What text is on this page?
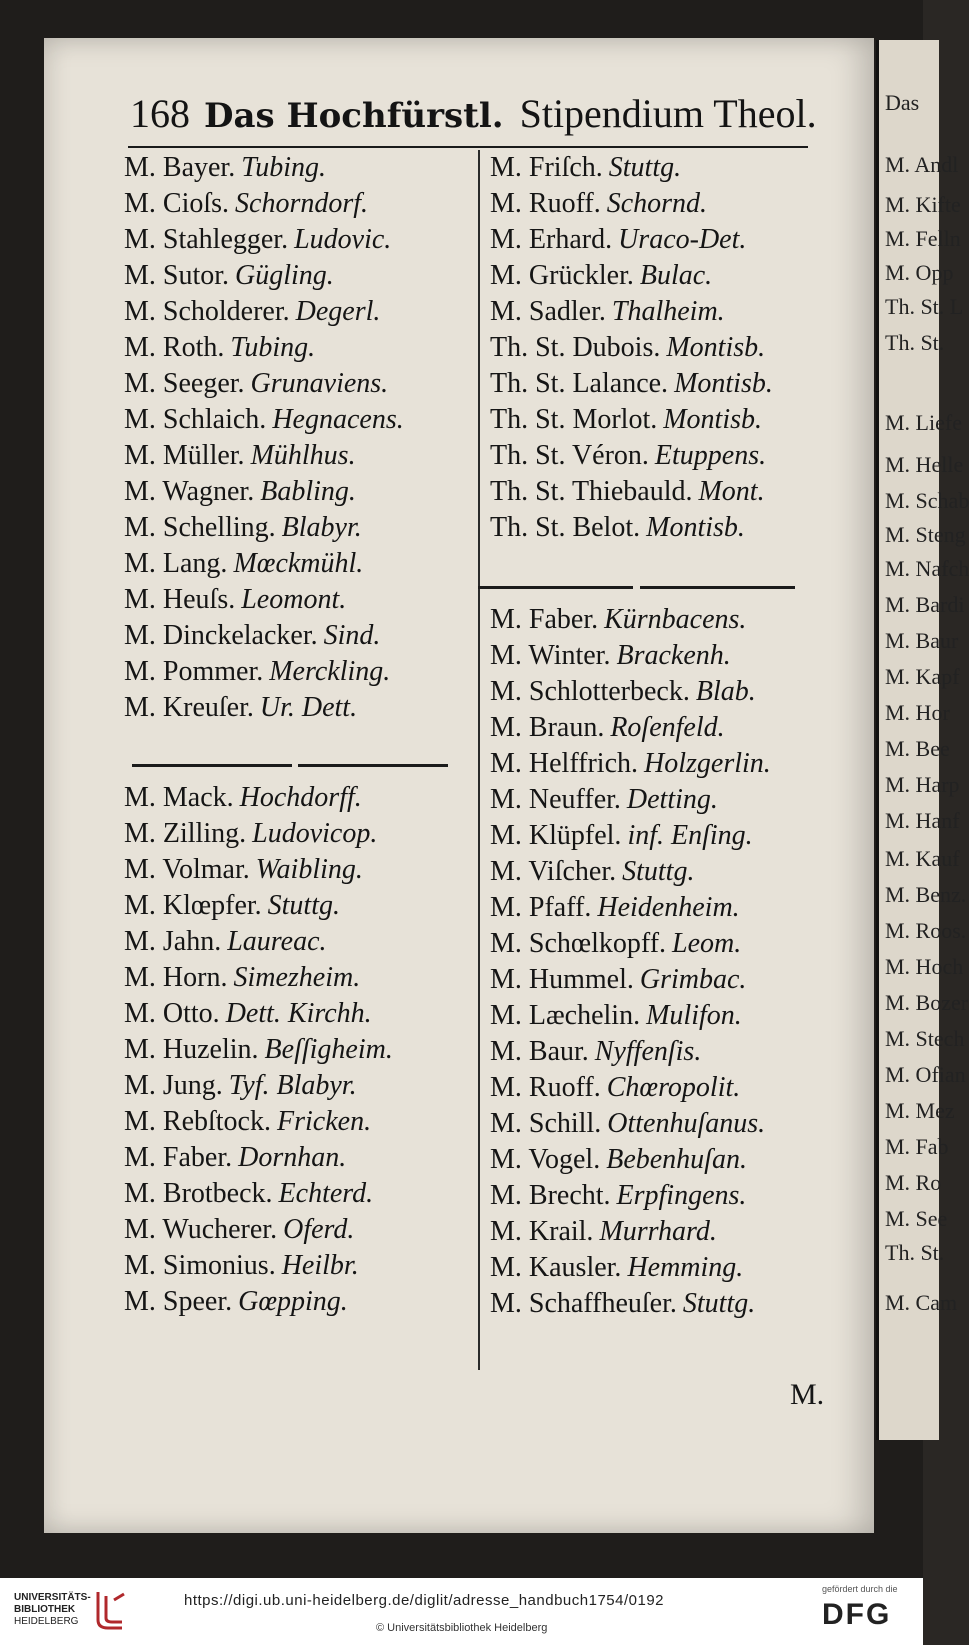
Das
M. Andl
M. Kifte
M. Felln
M. Opp
Th. St. L
Th. St.
M. Liefe
M. Helle
M. Schab
M. Steng
M. Nafch
M. Bardi
M. Baur
M. Kapf
M. Hor
M. Bee
M. Harp
M. Hanf
M. Kauf
M. Benz.
M. Roos.
M. Hoch
M. Bozer
M. Stech
M. Ofian
M. Mez
M. Fab
M. Ro
M. See
Th. St.
M. Cam
168 Das Hochfürstl. Stipendium Theol.
M. Bayer. Tubing.
M. Cioſs. Schorndorf.
M. Stahlegger. Ludovic.
M. Sutor. Gügling.
M. Scholderer. Degerl.
M. Roth. Tubing.
M. Seeger. Grunaviens.
M. Schlaich. Hegnacens.
M. Müller. Mühlhus.
M. Wagner. Babling.
M. Schelling. Blabyr.
M. Lang. Mœckmühl.
M. Heuſs. Leomont.
M. Dinckelacker. Sind.
M. Pommer. Merckling.
M. Kreuſer. Ur. Dett.
M. Mack. Hochdorff.
M. Zilling. Ludovicop.
M. Volmar. Waibling.
M. Klœpfer. Stuttg.
M. Jahn. Laureac.
M. Horn. Simezheim.
M. Otto. Dett. Kirchh.
M. Huzelin. Beſſigheim.
M. Jung. Tyf. Blabyr.
M. Rebſtock. Fricken.
M. Faber. Dornhan.
M. Brotbeck. Echterd.
M. Wucherer. Oferd.
M. Simonius. Heilbr.
M. Speer. Gœpping.
M. Friſch. Stuttg.
M. Ruoff. Schornd.
M. Erhard. Uraco-Det.
M. Grückler. Bulac.
M. Sadler. Thalheim.
Th. St. Dubois. Montisb.
Th. St. Lalance. Montisb.
Th. St. Morlot. Montisb.
Th. St. Véron. Etuppens.
Th. St. Thiebauld. Mont.
Th. St. Belot. Montisb.
M. Faber. Kürnbacens.
M. Winter. Brackenh.
M. Schlotterbeck. Blab.
M. Braun. Roſenfeld.
M. Helffrich. Holzgerlin.
M. Neuffer. Detting.
M. Klüpfel. inf. Enſing.
M. Viſcher. Stuttg.
M. Pfaff. Heidenheim.
M. Schœlkopff. Leom.
M. Hummel. Grimbac.
M. Læchelin. Mulifon.
M. Baur. Nyffenſis.
M. Ruoff. Chœropolit.
M. Schill. Ottenhuſanus.
M. Vogel. Bebenhuſan.
M. Brecht. Erpfingens.
M. Krail. Murrhard.
M. Kausler. Hemming.
M. Schaffheuſer. Stuttg.
M.
UNIVERSITÄTS-
BIBLIOTHEK
HEIDELBERG
https://digi.ub.uni-heidelberg.de/diglit/adresse_handbuch1754/0192
© Universitätsbibliothek Heidelberg
gefördert durch die
DFG
